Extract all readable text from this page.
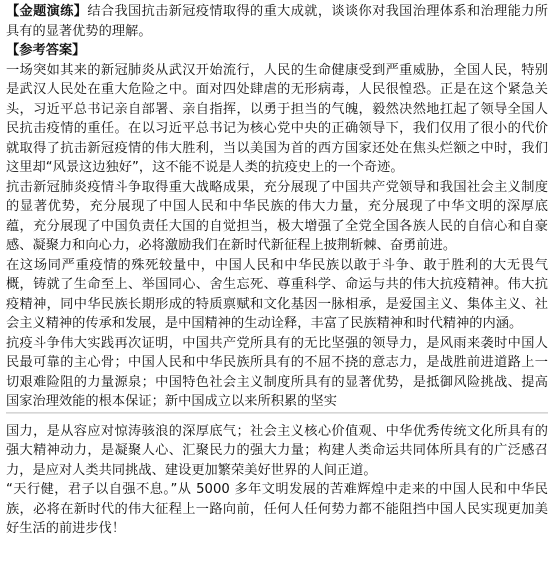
【金题演练】结合我国抗击新冠疫情取得的重大成就，谈谈你对我国治理体系和治理能力所具有的显著优势的理解。

【参考答案】

一场突如其来的新冠肺炎从武汉开始流行，人民的生命健康受到严重威胁，全国人民，特别是武汉人民处在重大危险之中。面对四处肆虐的无形病毒，人民很惶恐。正是在这个紧急关头，习近平总书记亲自部署、亲自指挥，以勇于担当的气魄，毅然决然地扛起了领导全国人民抗击疫情的重任。在以习近平总书记为核心党中央的正确领导下，我们仅用了很小的代价就取得了抗击新冠疫情的伟大胜利，当以美国为首的西方国家还处在焦头烂额之中时，我们这里却“风景这边独好”，这不能不说是人类的抗疫史上的一个奇迹。

抗击新冠肺炎疫情斗争取得重大战略成果，充分展现了中国共产党领导和我国社会主义制度的显著优势，充分展现了中国人民和中华民族的伟大力量，充分展现了中华文明的深厚底蕴，充分展现了中国负责任大国的自觉担当，极大增强了全党全国各族人民的自信心和自豪感、凝聚力和向心力，必将激励我们在新时代新征程上披荆斩棘、奋勇前进。

在这场同严重疫情的殊死较量中，中国人民和中华民族以敢于斗争、敢于胜利的大无畏气概，铸就了生命至上、举国同心、舍生忘死、尊重科学、命运与共的伟大抗疫精神。伟大抗疫精神，同中华民族长期形成的特质禀赋和文化基因一脉相承，是爱国主义、集体主义、社会主义精神的传承和发展，是中国精神的生动诠释，丰富了民族精神和时代精神的内涵。

抗疫斗争伟大实践再次证明，中国共产党所具有的无比坚强的领导力，是风雨来袭时中国人民最可靠的主心骨；中国人民和中华民族所具有的不屈不挠的意志力，是战胜前进道路上一切艰难险阻的力量源泉；中国特色社会主义制度所具有的显著优势，是抵御风险挑战、提高国家治理效能的根本保证；新中国成立以来所积累的坚实

国力，是从容应对惊涛骇浪的深厚底气；社会主义核心价值观、中华优秀传统文化所具有的强大精神动力，是凝聚人心、汇聚民力的强大力量；构建人类命运共同体所具有的广泛感召力，是应对人类共同挑战、建设更加繁荣美好世界的人间正道。

“天行健，君子以自强不息。”从 5000 多年文明发展的苦难辉煌中走来的中国人民和中华民族，必将在新时代的伟大征程上一路向前，任何人任何势力都不能阻挡中国人民实现更加美好生活的前进步伐！
